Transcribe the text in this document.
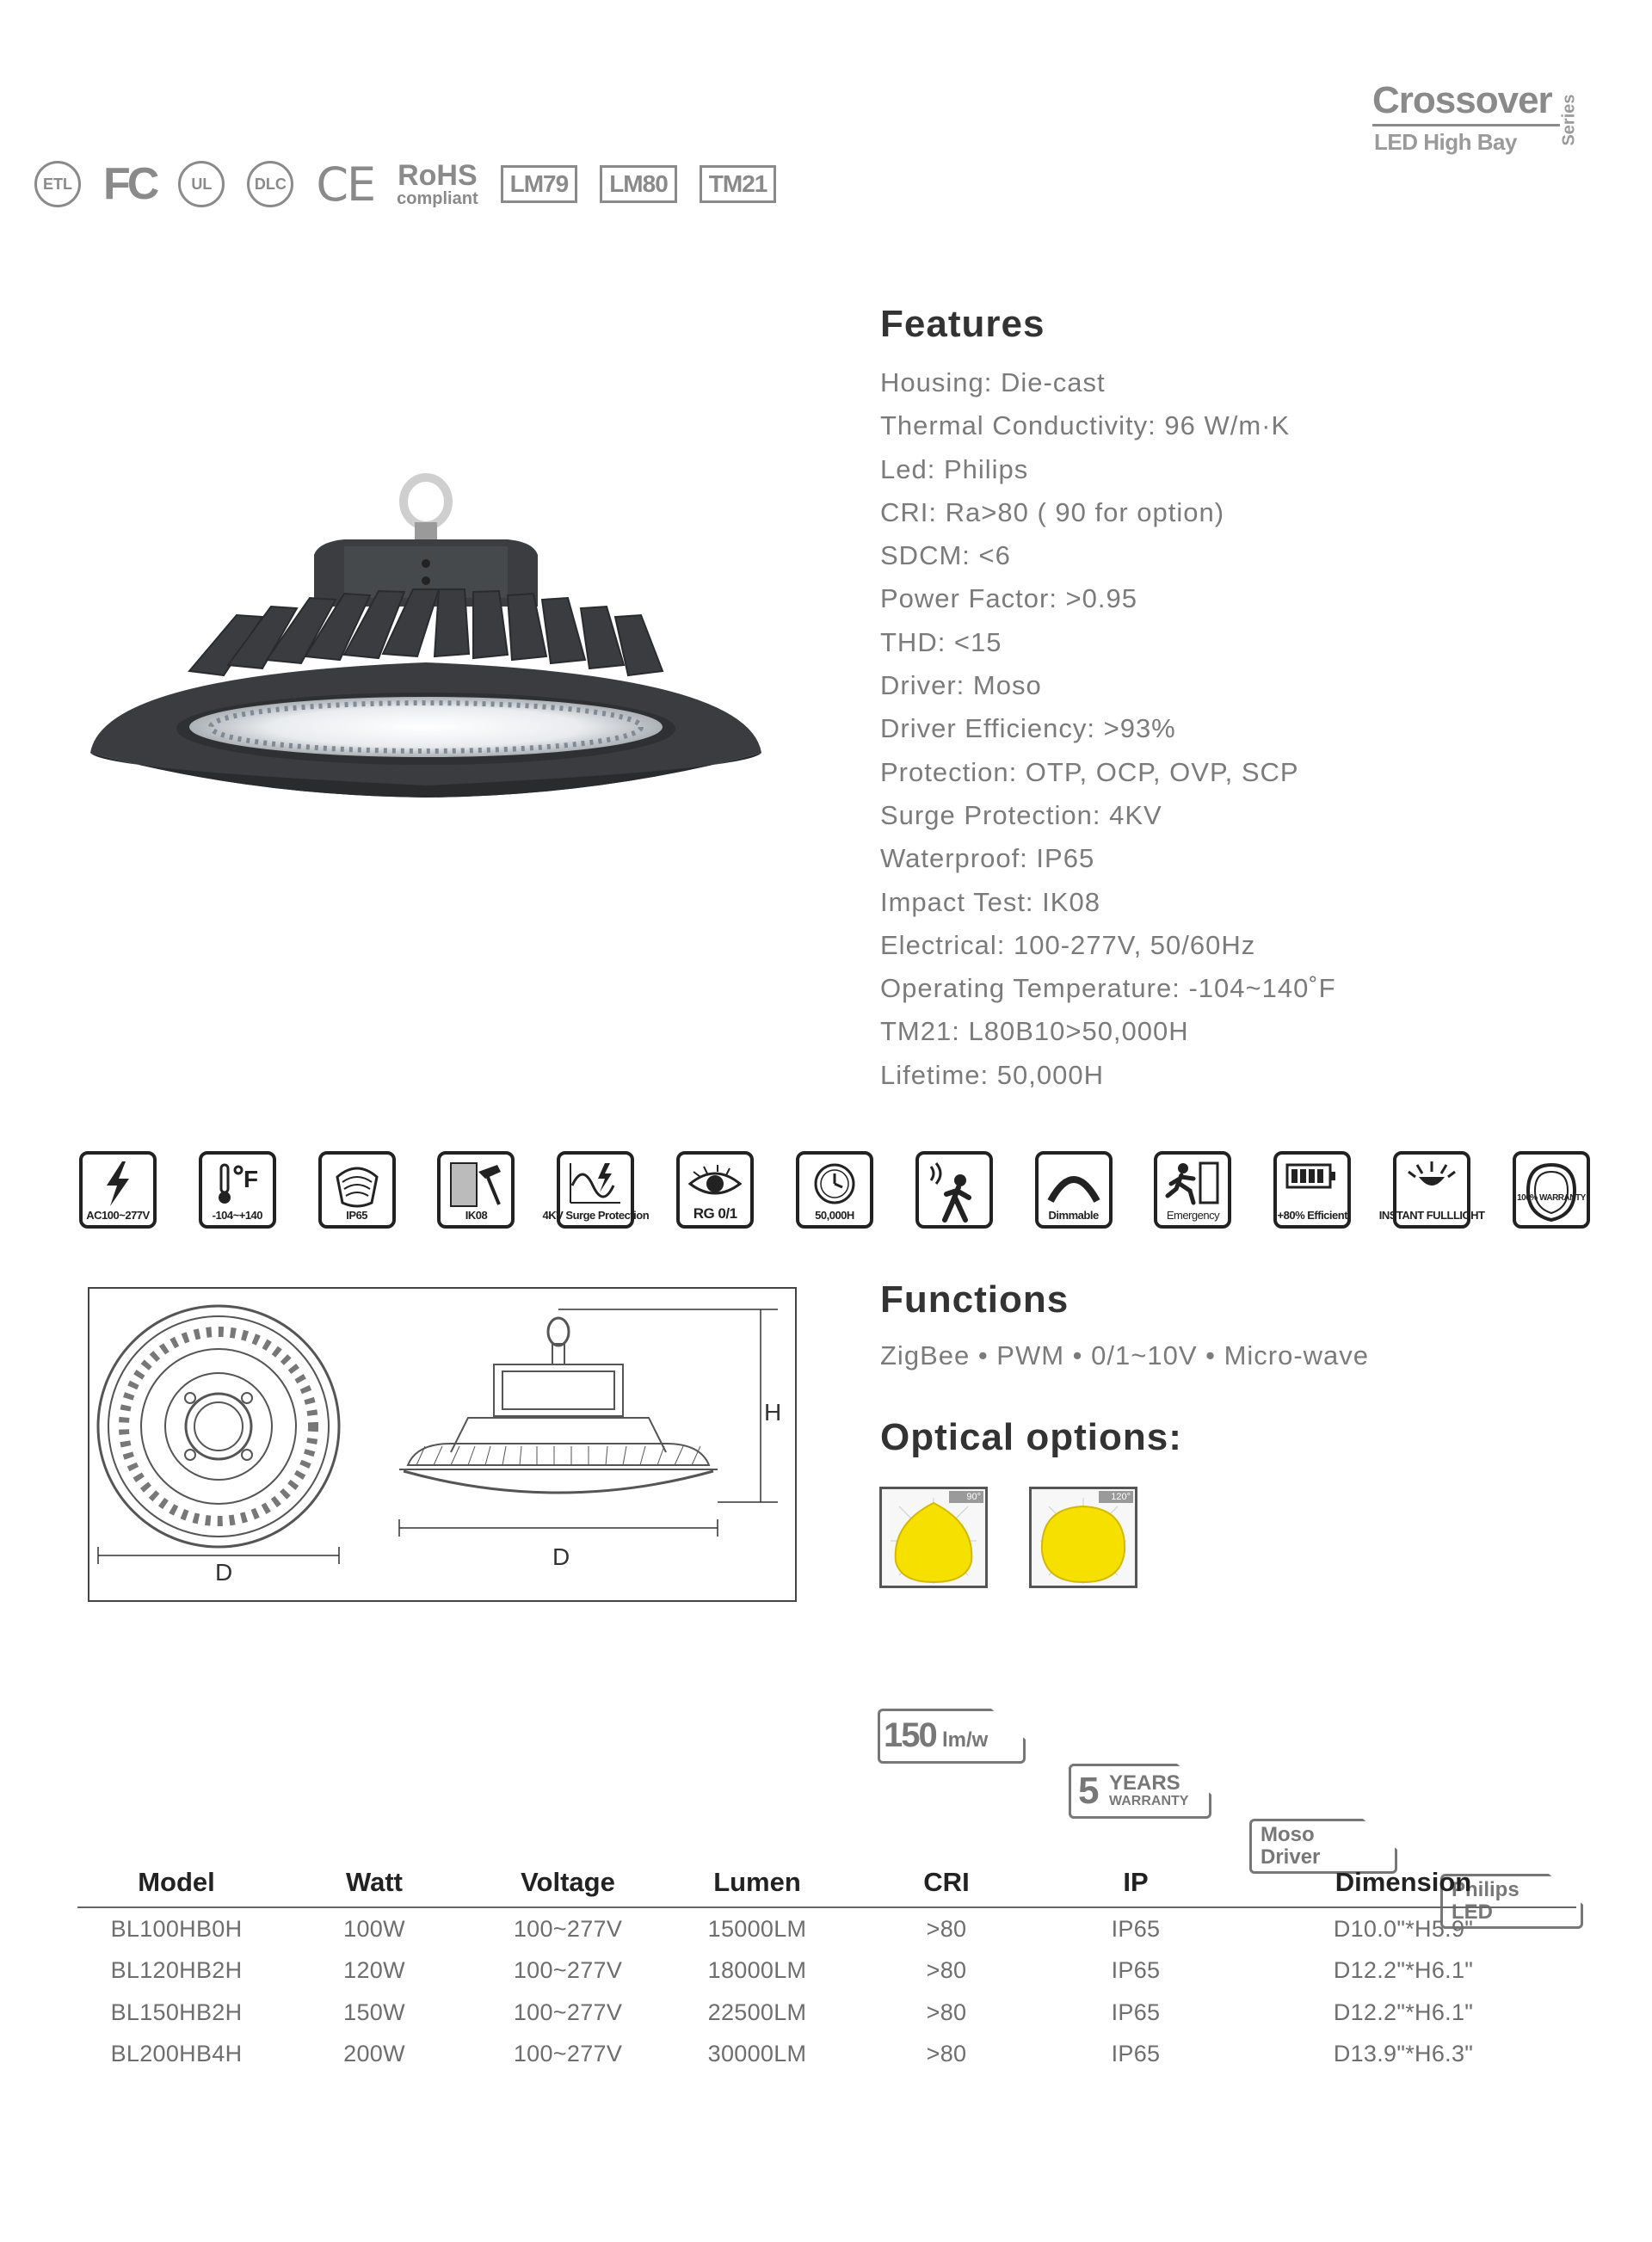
Crossover
LED High Bay Series
ETL FC	UL	DLC CE RoHS
compliant
LM79	LM80	TM21
Features
Housing: Die-cast
Thermal Conductivity: 96 W/m·K
Led: Philips
CRI: Ra>80 ( 90 for option)
SDCM: <6
Power Factor: >0.95
THD: <15
Driver: Moso
Driver Efficiency: >93%
Protection: OTP, OCP, OVP, SCP
Surge Protection: 4KV
Waterproof: IP65
Impact Test: IK08
Electrical: 100-277V, 50/60Hz
Operating Temperature: -104~140˚F
TM21: L80B10>50,000H
Lifetime: 50,000H
AC100~277V
F
-104~+140	IP65	IK08	4KV Surge Protection	RG 0/1	50,000H	Dimmable	Emergency	+80% Efficient	INSTANT FULLLIGHT
100% WARRANTY
D
D
H
Functions
ZigBee • PWM • 0/1~10V • Micro-wave
Optical options:
90°	120°
150 lm/w
5 YEARS
WARRANTY
Moso
Driver
Philips
LED
Model	Watt	Voltage	Lumen	CRI	IP	Dimension
BL100HB0H	100W	100~277V	15000LM	>80	IP65	D10.0"*H5.9"
BL120HB2H	120W	100~277V	18000LM	>80	IP65	D12.2"*H6.1"
BL150HB2H	150W	100~277V	22500LM	>80	IP65	D12.2"*H6.1"
BL200HB4H	200W	100~277V	30000LM	>80	IP65	D13.9"*H6.3"
